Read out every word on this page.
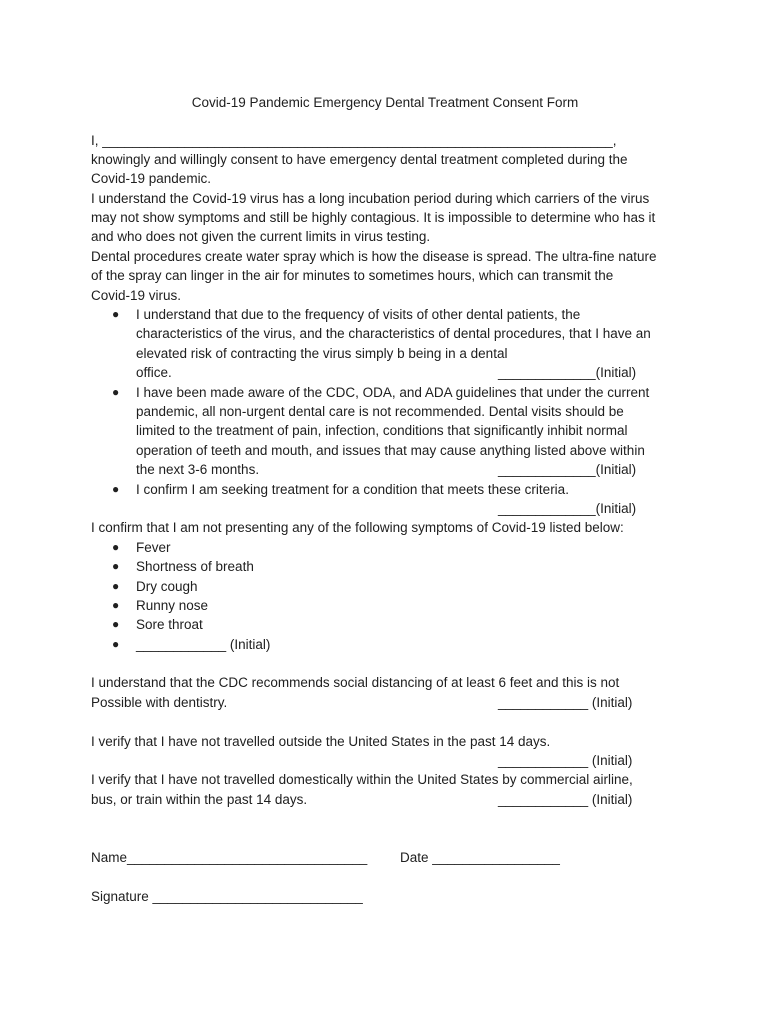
Covid-19 Pandemic Emergency Dental Treatment Consent Form
I, ____________________________________________________________________,
knowingly and willingly consent to have emergency dental treatment completed during the
Covid-19 pandemic.
I understand the Covid-19 virus has a long incubation period during which carriers of the virus
may not show symptoms and still be highly contagious. It is impossible to determine who has it
and who does not given the current limits in virus testing.
Dental procedures create water spray which is how the disease is spread. The ultra-fine nature
of the spray can linger in the air for minutes to sometimes hours, which can transmit the
Covid-19 virus.
● I understand that due to the frequency of visits of other dental patients, the
characteristics of the virus, and the characteristics of dental procedures, that I have an
elevated risk of contracting the virus simply b being in a dental
office.	_____________(Initial)
● I have been made aware of the CDC, ODA, and ADA guidelines that under the current
pandemic, all non-urgent dental care is not recommended. Dental visits should be
limited to the treatment of pain, infection, conditions that significantly inhibit normal
operation of teeth and mouth, and issues that may cause anything listed above within
the next 3-6 months.	_____________(Initial)
● I confirm I am seeking treatment for a condition that meets these criteria.
_____________(Initial)
I confirm that I am not presenting any of the following symptoms of Covid-19 listed below:
● Fever
● Shortness of breath
● Dry cough
● Runny nose
● Sore throat
● ____________ (Initial)
I understand that the CDC recommends social distancing of at least 6 feet and this is not
Possible with dentistry.	____________ (Initial)
I verify that I have not travelled outside the United States in the past 14 days.
____________ (Initial)
I verify that I have not travelled domestically within the United States by commercial airline,
bus, or train within the past 14 days.	____________ (Initial)
Name________________________________ Date _________________
Signature ____________________________
